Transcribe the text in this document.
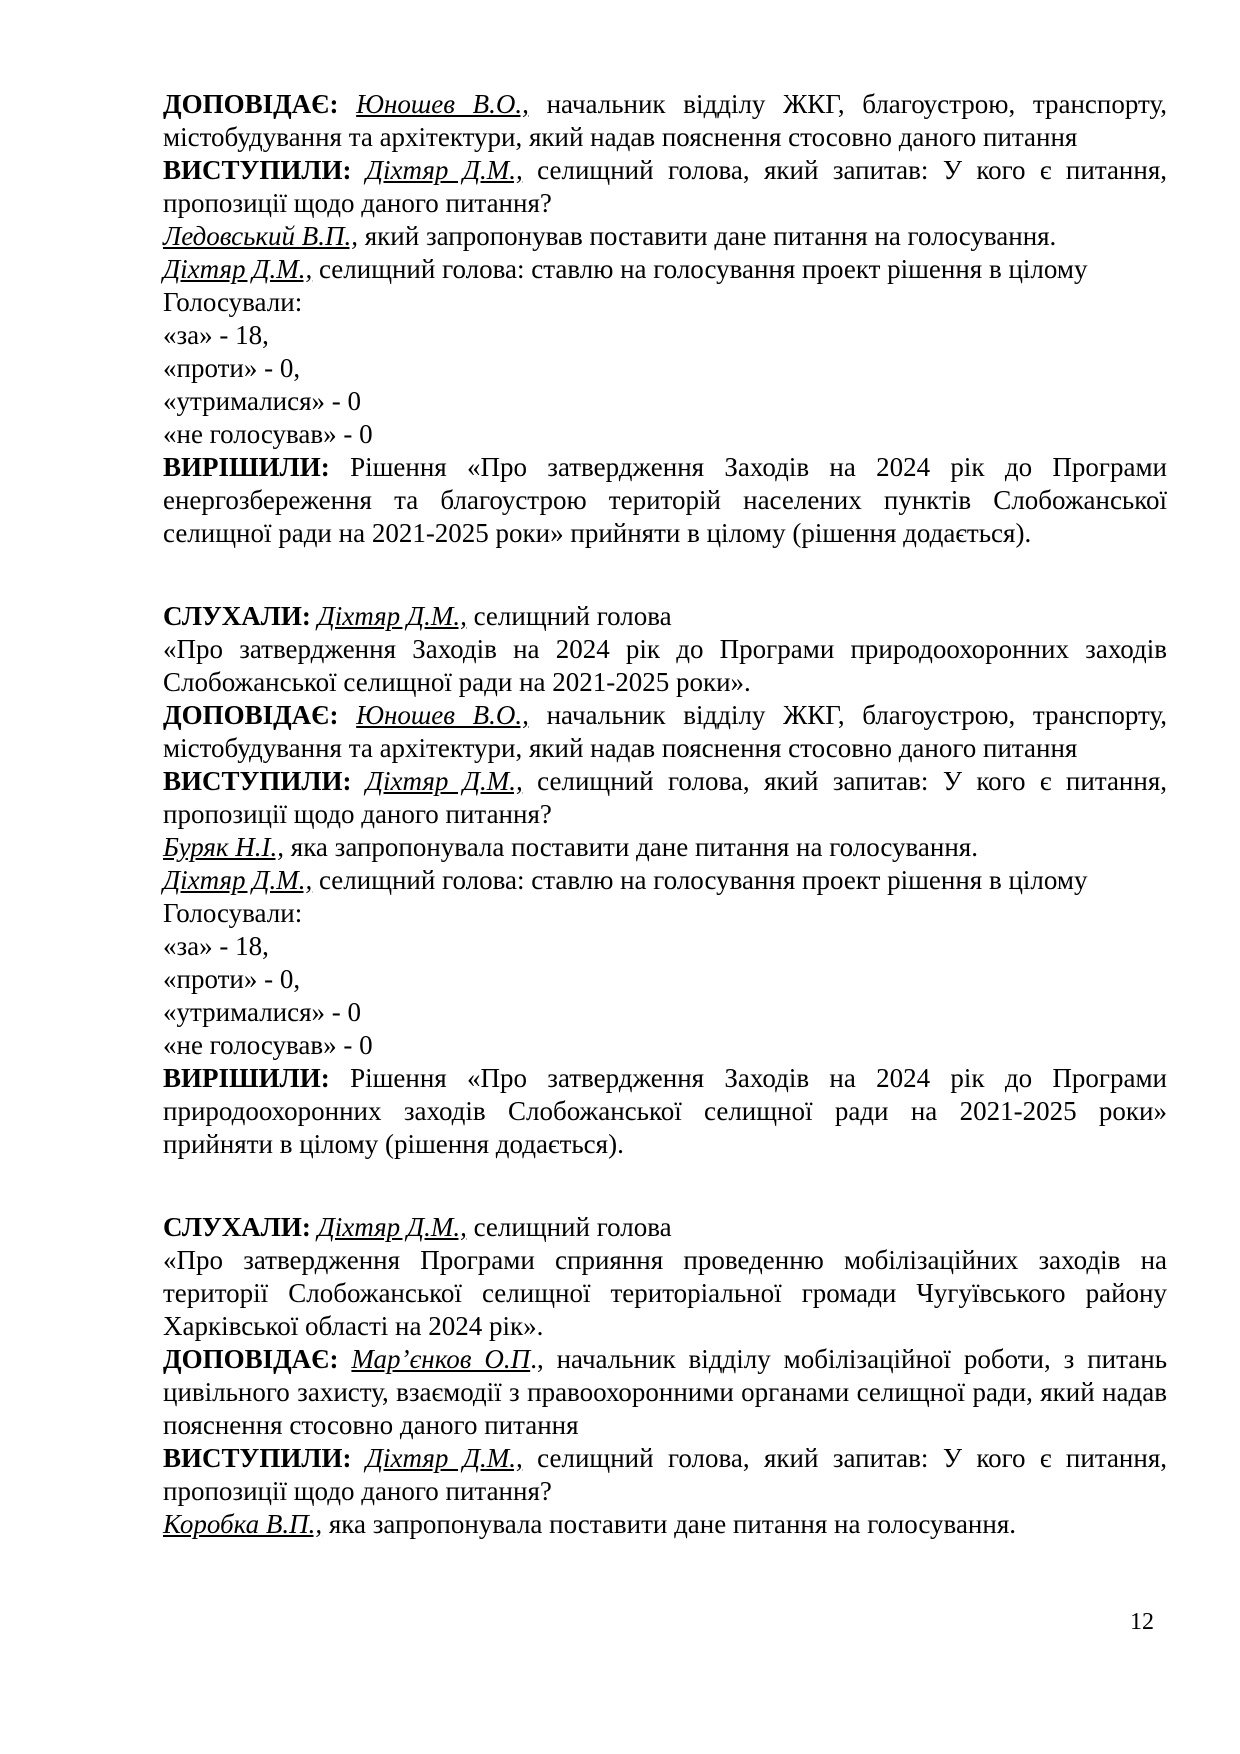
ДОПОВІДАЄ: Юношев В.О., начальник відділу ЖКГ, благоустрою, транспорту, містобудування та архітектури, який надав пояснення стосовно даного питання

ВИСТУПИЛИ: Діхтяр Д.М., селищний голова, який запитав: У кого є питання, пропозиції щодо даного питання?

Ледовський В.П., який запропонував поставити дане питання на голосування.

Діхтяр Д.М., селищний голова: ставлю на голосування проект рішення в цілому

Голосували:

«за» - 18,

«проти» - 0,

«утрималися» - 0

«не голосував» - 0

ВИРІШИЛИ: Рішення «Про затвердження Заходів на 2024 рік до Програми енергозбереження та благоустрою територій населених пунктів Слобожанської селищної ради на 2021-2025 роки» прийняти в цілому (рішення додається).

СЛУХАЛИ: Діхтяр Д.М., селищний голова

«Про затвердження Заходів на 2024 рік до Програми природоохоронних заходів Слобожанської селищної ради на 2021-2025 роки».

ДОПОВІДАЄ: Юношев В.О., начальник відділу ЖКГ, благоустрою, транспорту, містобудування та архітектури, який надав пояснення стосовно даного питання

ВИСТУПИЛИ: Діхтяр Д.М., селищний голова, який запитав: У кого є питання, пропозиції щодо даного питання?

Буряк Н.І., яка запропонувала поставити дане питання на голосування.

Діхтяр Д.М., селищний голова: ставлю на голосування проект рішення в цілому

Голосували:

«за» - 18,

«проти» - 0,

«утрималися» - 0

«не голосував» - 0

ВИРІШИЛИ: Рішення «Про затвердження Заходів на 2024 рік до Програми природоохоронних заходів Слобожанської селищної ради на 2021-2025 роки» прийняти в цілому (рішення додається).

СЛУХАЛИ: Діхтяр Д.М., селищний голова

«Про затвердження Програми сприяння проведенню мобілізаційних заходів на території Слобожанської селищної територіальної громади Чугуївського району Харківської області на 2024 рік».

ДОПОВІДАЄ: Мар’єнков О.П., начальник відділу мобілізаційної роботи, з питань цивільного захисту, взаємодії з правоохоронними органами селищної ради, який надав пояснення стосовно даного питання

ВИСТУПИЛИ: Діхтяр Д.М., селищний голова, який запитав: У кого є питання, пропозиції щодо даного питання?

Коробка В.П., яка запропонувала поставити дане питання на голосування.

12
